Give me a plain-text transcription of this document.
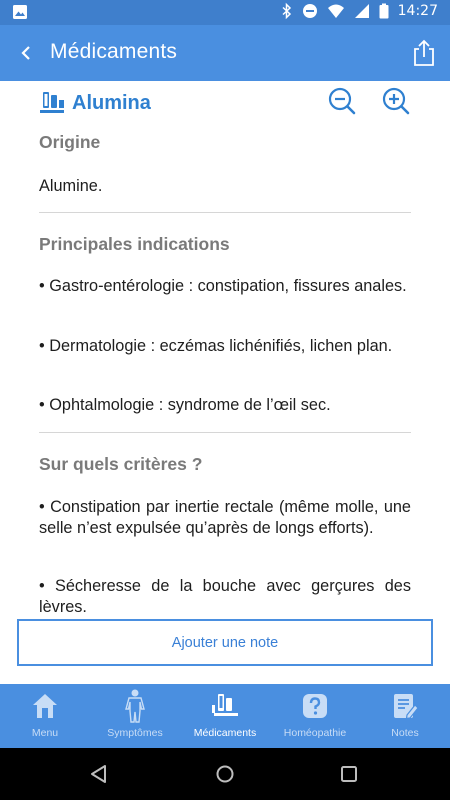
14:27
Médicaments
Alumina
Origine
Alumine.
Principales indications
• Gastro-entérologie : constipation, fissures anales.
• Dermatologie : eczémas lichénifiés, lichen plan.
• Ophtalmologie : syndrome de l’œil sec.
Sur quels critères ?
• Constipation par inertie rectale (même molle, une selle n’est expulsée qu’après de longs efforts).
• Sécheresse de la bouche avec gerçures des lèvres.
Ajouter une note
Menu	Symptômes	Médicaments	Homéopathie	Notes
